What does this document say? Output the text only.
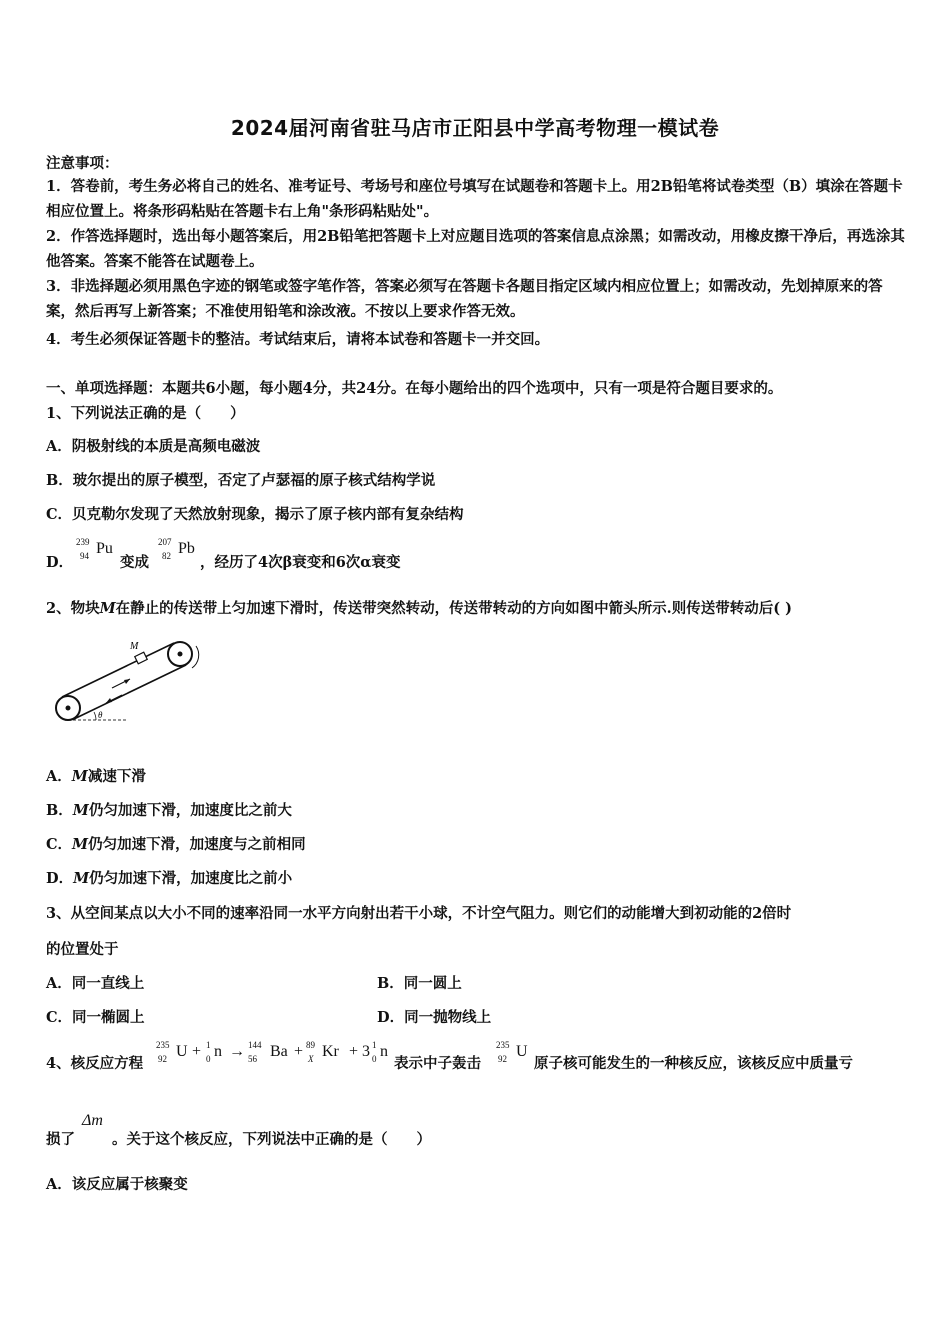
2024届河南省驻马店市正阳县中学高考物理一模试卷
注意事项：
1．答卷前，考生务必将自己的姓名、准考证号、考场号和座位号填写在试题卷和答题卡上。用2B铅笔将试卷类型（B）填涂在答题卡相应位置上。将条形码粘贴在答题卡右上角"条形码粘贴处"。
2．作答选择题时，选出每小题答案后，用2B铅笔把答题卡上对应题目选项的答案信息点涂黑；如需改动，用橡皮擦干净后，再选涂其他答案。答案不能答在试题卷上。
3．非选择题必须用黑色字迹的钢笔或签字笔作答，答案必须写在答题卡各题目指定区域内相应位置上；如需改动，先划掉原来的答案，然后再写上新答案；不准使用铅笔和涂改液。不按以上要求作答无效。
4．考生必须保证答题卡的整洁。考试结束后，请将本试卷和答题卡一并交回。
一、单项选择题：本题共6小题，每小题4分，共24分。在每小题给出的四个选项中，只有一项是符合题目要求的。
1、下列说法正确的是（　　）
A．阴极射线的本质是高频电磁波
B．玻尔提出的原子模型，否定了卢瑟福的原子核式结构学说
C．贝克勒尔发现了天然放射现象，揭示了原子核内部有复杂结构
D．
239
94 Pu
变成
207
82 Pb
，经历了4次β衰变和6次α衰变
2、物块M在静止的传送带上匀加速下滑时，传送带突然转动，传送带转动的方向如图中箭头所示.则传送带转动后( )
M
θ
A．M减速下滑
B．M仍匀加速下滑，加速度比之前大
C．M仍匀加速下滑，加速度与之前相同
D．M仍匀加速下滑，加速度比之前小
3、从空间某点以大小不同的速率沿同一水平方向射出若干小球，不计空气阻力。则它们的动能增大到初动能的2倍时
的位置处于
A．同一直线上	B．同一圆上
C．同一椭圆上	D．同一抛物线上
4、核反应方程
235
92 U + 1
0 n → 144
56 Ba + 89
X Kr + 3 1
0 n
表示中子轰击
235
92 U
原子核可能发生的一种核反应，该核反应中质量亏
损了
Δm
。关于这个核反应，下列说法中正确的是（　　）
A．该反应属于核聚变
